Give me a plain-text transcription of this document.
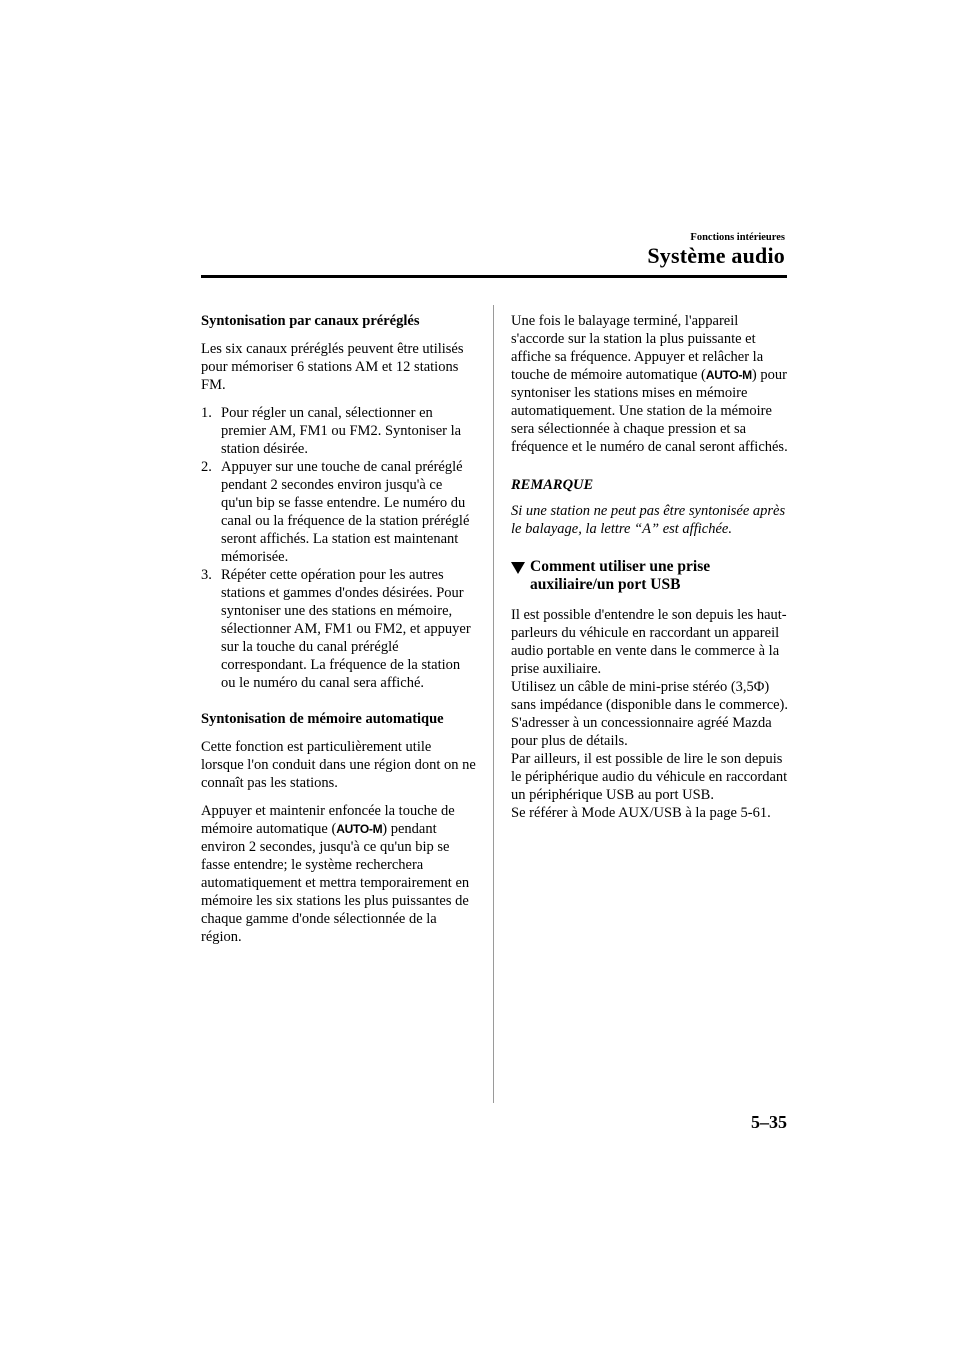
Fonctions intérieures
Système audio

Syntonisation par canaux préréglés

Les six canaux préréglés peuvent être utilisés pour mémoriser 6 stations AM et 12 stations FM.

1. Pour régler un canal, sélectionner en premier AM, FM1 ou FM2. Syntoniser la station désirée.
2. Appuyer sur une touche de canal préréglé pendant 2 secondes environ jusqu'à ce qu'un bip se fasse entendre. Le numéro du canal ou la fréquence de la station préréglé seront affichés. La station est maintenant mémorisée.
3. Répéter cette opération pour les autres stations et gammes d'ondes désirées. Pour syntoniser une des stations en mémoire, sélectionner AM, FM1 ou FM2, et appuyer sur la touche du canal préréglé correspondant. La fréquence de la station ou le numéro du canal sera affiché.

Syntonisation de mémoire automatique

Cette fonction est particulièrement utile lorsque l'on conduit dans une région dont on ne connaît pas les stations.

Appuyer et maintenir enfoncée la touche de mémoire automatique (AUTO-M) pendant environ 2 secondes, jusqu'à ce qu'un bip se fasse entendre; le système recherchera automatiquement et mettra temporairement en mémoire les six stations les plus puissantes de chaque gamme d'onde sélectionnée de la région.

Une fois le balayage terminé, l'appareil s'accorde sur la station la plus puissante et affiche sa fréquence. Appuyer et relâcher la touche de mémoire automatique (AUTO-M) pour syntoniser les stations mises en mémoire automatiquement. Une station de la mémoire sera sélectionnée à chaque pression et sa fréquence et le numéro de canal seront affichés.

REMARQUE

Si une station ne peut pas être syntonisée après le balayage, la lettre “A” est affichée.

Comment utiliser une prise auxiliaire/un port USB

Il est possible d'entendre le son depuis les haut-parleurs du véhicule en raccordant un appareil audio portable en vente dans le commerce à la prise auxiliaire.

Utilisez un câble de mini-prise stéréo (3,5Φ) sans impédance (disponible dans le commerce). S'adresser à un concessionnaire agréé Mazda pour plus de détails.

Par ailleurs, il est possible de lire le son depuis le périphérique audio du véhicule en raccordant un périphérique USB au port USB.

Se référer à Mode AUX/USB à la page 5-61.

5–35
